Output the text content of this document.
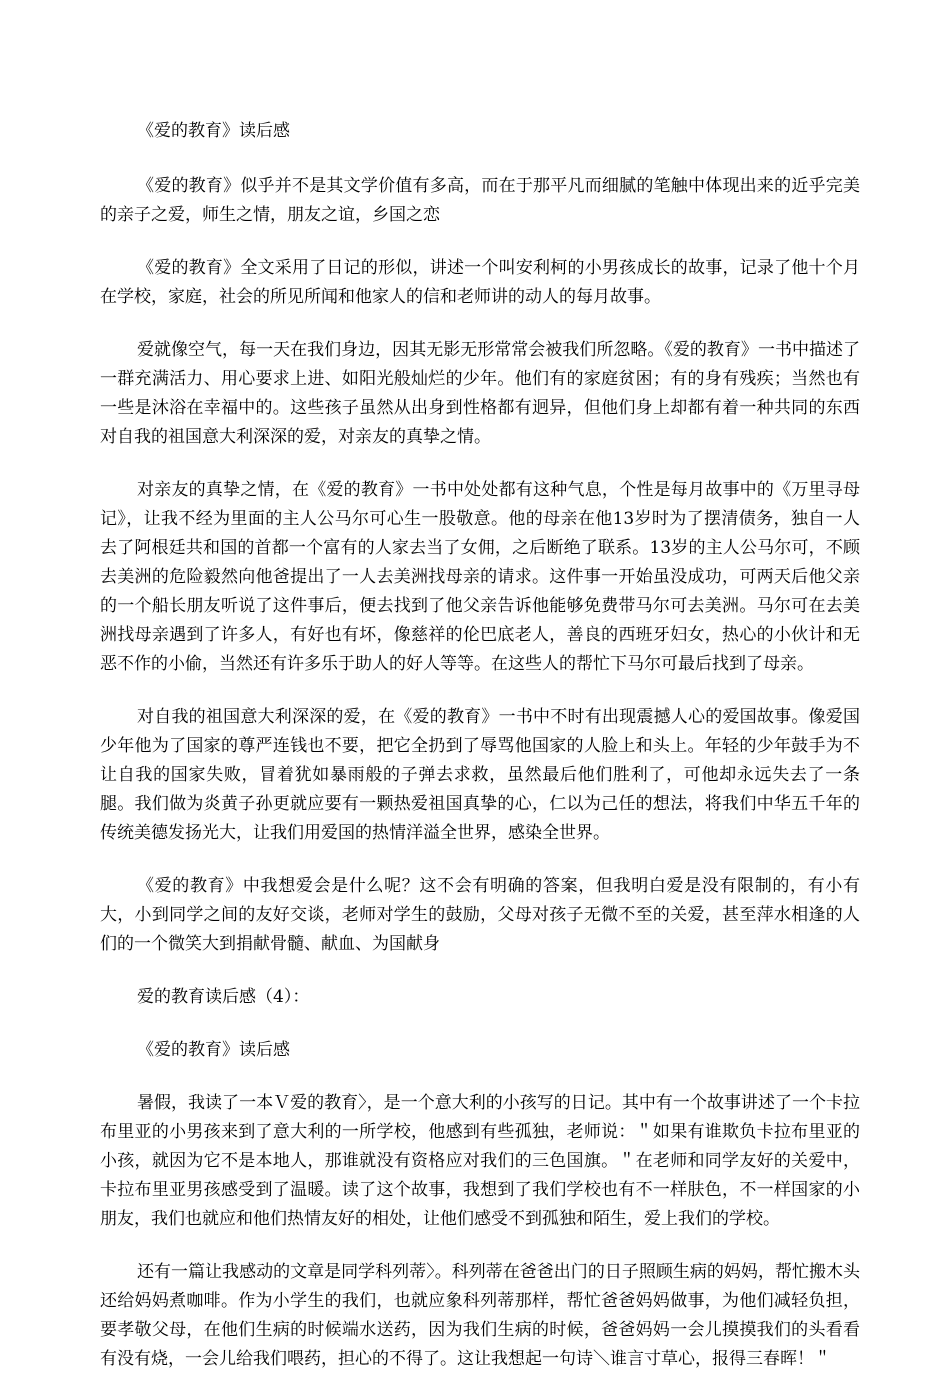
《爱的教育》读后感

《爱的教育》似乎并不是其文学价值有多高，而在于那平凡而细腻的笔触中体现出来的近乎完美的亲子之爱，师生之情，朋友之谊，乡国之恋

《爱的教育》全文采用了日记的形似，讲述一个叫安利柯的小男孩成长的故事，记录了他十个月在学校，家庭，社会的所见所闻和他家人的信和老师讲的动人的每月故事。

爱就像空气，每一天在我们身边，因其无影无形常常会被我们所忽略。《爱的教育》一书中描述了一群充满活力、用心要求上进、如阳光般灿烂的少年。他们有的家庭贫困；有的身有残疾；当然也有一些是沐浴在幸福中的。这些孩子虽然从出身到性格都有迥异，但他们身上却都有着一种共同的东西对自我的祖国意大利深深的爱，对亲友的真挚之情。

对亲友的真挚之情，在《爱的教育》一书中处处都有这种气息，个性是每月故事中的《万里寻母记》，让我不经为里面的主人公马尔可心生一股敬意。他的母亲在他13岁时为了摆清债务，独自一人去了阿根廷共和国的首都一个富有的人家去当了女佣，之后断绝了联系。13岁的主人公马尔可，不顾去美洲的危险毅然向他爸提出了一人去美洲找母亲的请求。这件事一开始虽没成功，可两天后他父亲的一个船长朋友听说了这件事后，便去找到了他父亲告诉他能够免费带马尔可去美洲。马尔可在去美洲找母亲遇到了许多人，有好也有坏，像慈祥的伦巴底老人，善良的西班牙妇女，热心的小伙计和无恶不作的小偷，当然还有许多乐于助人的好人等等。在这些人的帮忙下马尔可最后找到了母亲。

对自我的祖国意大利深深的爱，在《爱的教育》一书中不时有出现震撼人心的爱国故事。像爱国少年他为了国家的尊严连钱也不要，把它全扔到了辱骂他国家的人脸上和头上。年轻的少年鼓手为不让自我的国家失败，冒着犹如暴雨般的子弹去求救，虽然最后他们胜利了，可他却永远失去了一条腿。我们做为炎黄子孙更就应要有一颗热爱祖国真挚的心，仁以为己任的想法，将我们中华五千年的传统美德发扬光大，让我们用爱国的热情洋溢全世界，感染全世界。

《爱的教育》中我想爱会是什么呢？这不会有明确的答案，但我明白爱是没有限制的，有小有大，小到同学之间的友好交谈，老师对学生的鼓励，父母对孩子无微不至的关爱，甚至萍水相逢的人们的一个微笑大到捐献骨髓、献血、为国献身

爱的教育读后感（4）：

《爱的教育》读后感

暑假，我读了一本Ｖ爱的教育〉，是一个意大利的小孩写的日记。其中有一个故事讲述了一个卡拉布里亚的小男孩来到了意大利的一所学校，他感到有些孤独，老师说：＂如果有谁欺负卡拉布里亚的小孩，就因为它不是本地人，那谁就没有资格应对我们的三色国旗。＂在老师和同学友好的关爱中，卡拉布里亚男孩感受到了温暖。读了这个故事，我想到了我们学校也有不一样肤色，不一样国家的小朋友，我们也就应和他们热情友好的相处，让他们感受不到孤独和陌生，爱上我们的学校。

还有一篇让我感动的文章是同学科列蒂〉。科列蒂在爸爸出门的日子照顾生病的妈妈，帮忙搬木头还给妈妈煮咖啡。作为小学生的我们，也就应象科列蒂那样，帮忙爸爸妈妈做事，为他们减轻负担，要孝敬父母，在他们生病的时候端水送药，因为我们生病的时候，爸爸妈妈一会儿摸摸我们的头看看有没有烧，一会儿给我们喂药，担心的不得了。这让我想起一句诗＼谁言寸草心，报得三春晖！＂
